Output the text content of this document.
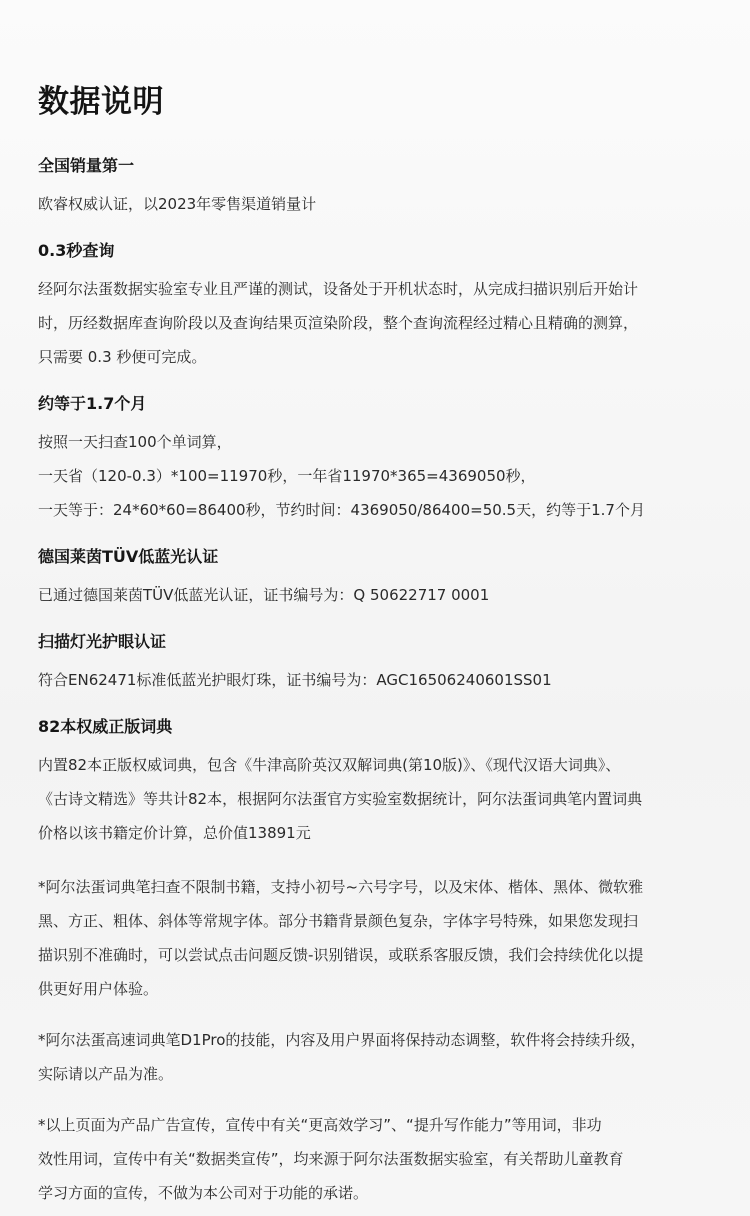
数据说明
全国销量第一
欧睿权威认证，以2023年零售渠道销量计
0.3秒查询
经阿尔法蛋数据实验室专业且严谨的测试，设备处于开机状态时，从完成扫描识别后开始计
时，历经数据库查询阶段以及查询结果页渲染阶段，整个查询流程经过精心且精确的测算，
只需要 0.3 秒便可完成。
约等于1.7个月
按照一天扫查100个单词算，
一天省（120-0.3）*100=11970秒，一年省11970*365=4369050秒，
一天等于：24*60*60=86400秒，节约时间：4369050/86400=50.5天，约等于1.7个月
德国莱茵TÜV低蓝光认证
已通过德国莱茵TÜV低蓝光认证，证书编号为：Q 50622717 0001
扫描灯光护眼认证
符合EN62471标准低蓝光护眼灯珠，证书编号为：AGC16506240601SS01
82本权威正版词典
内置82本正版权威词典，包含《牛津高阶英汉双解词典(第10版)》、《现代汉语大词典》、
《古诗文精选》等共计82本，根据阿尔法蛋官方实验室数据统计，阿尔法蛋词典笔内置词典
价格以该书籍定价计算，总价值13891元
*阿尔法蛋词典笔扫查不限制书籍，支持小初号~六号字号，以及宋体、楷体、黑体、微软雅
黑、方正、粗体、斜体等常规字体。部分书籍背景颜色复杂，字体字号特殊，如果您发现扫
描识别不准确时，可以尝试点击问题反馈-识别错误，或联系客服反馈，我们会持续优化以提
供更好用户体验。
*阿尔法蛋高速词典笔D1Pro的技能，内容及用户界面将保持动态调整，软件将会持续升级，
实际请以产品为准。
*以上页面为产品广告宣传，宣传中有关“更高效学习”、“提升写作能力”等用词，非功
效性用词，宣传中有关“数据类宣传”，均来源于阿尔法蛋数据实验室，有关帮助儿童教育
学习方面的宣传，不做为本公司对于功能的承诺。
